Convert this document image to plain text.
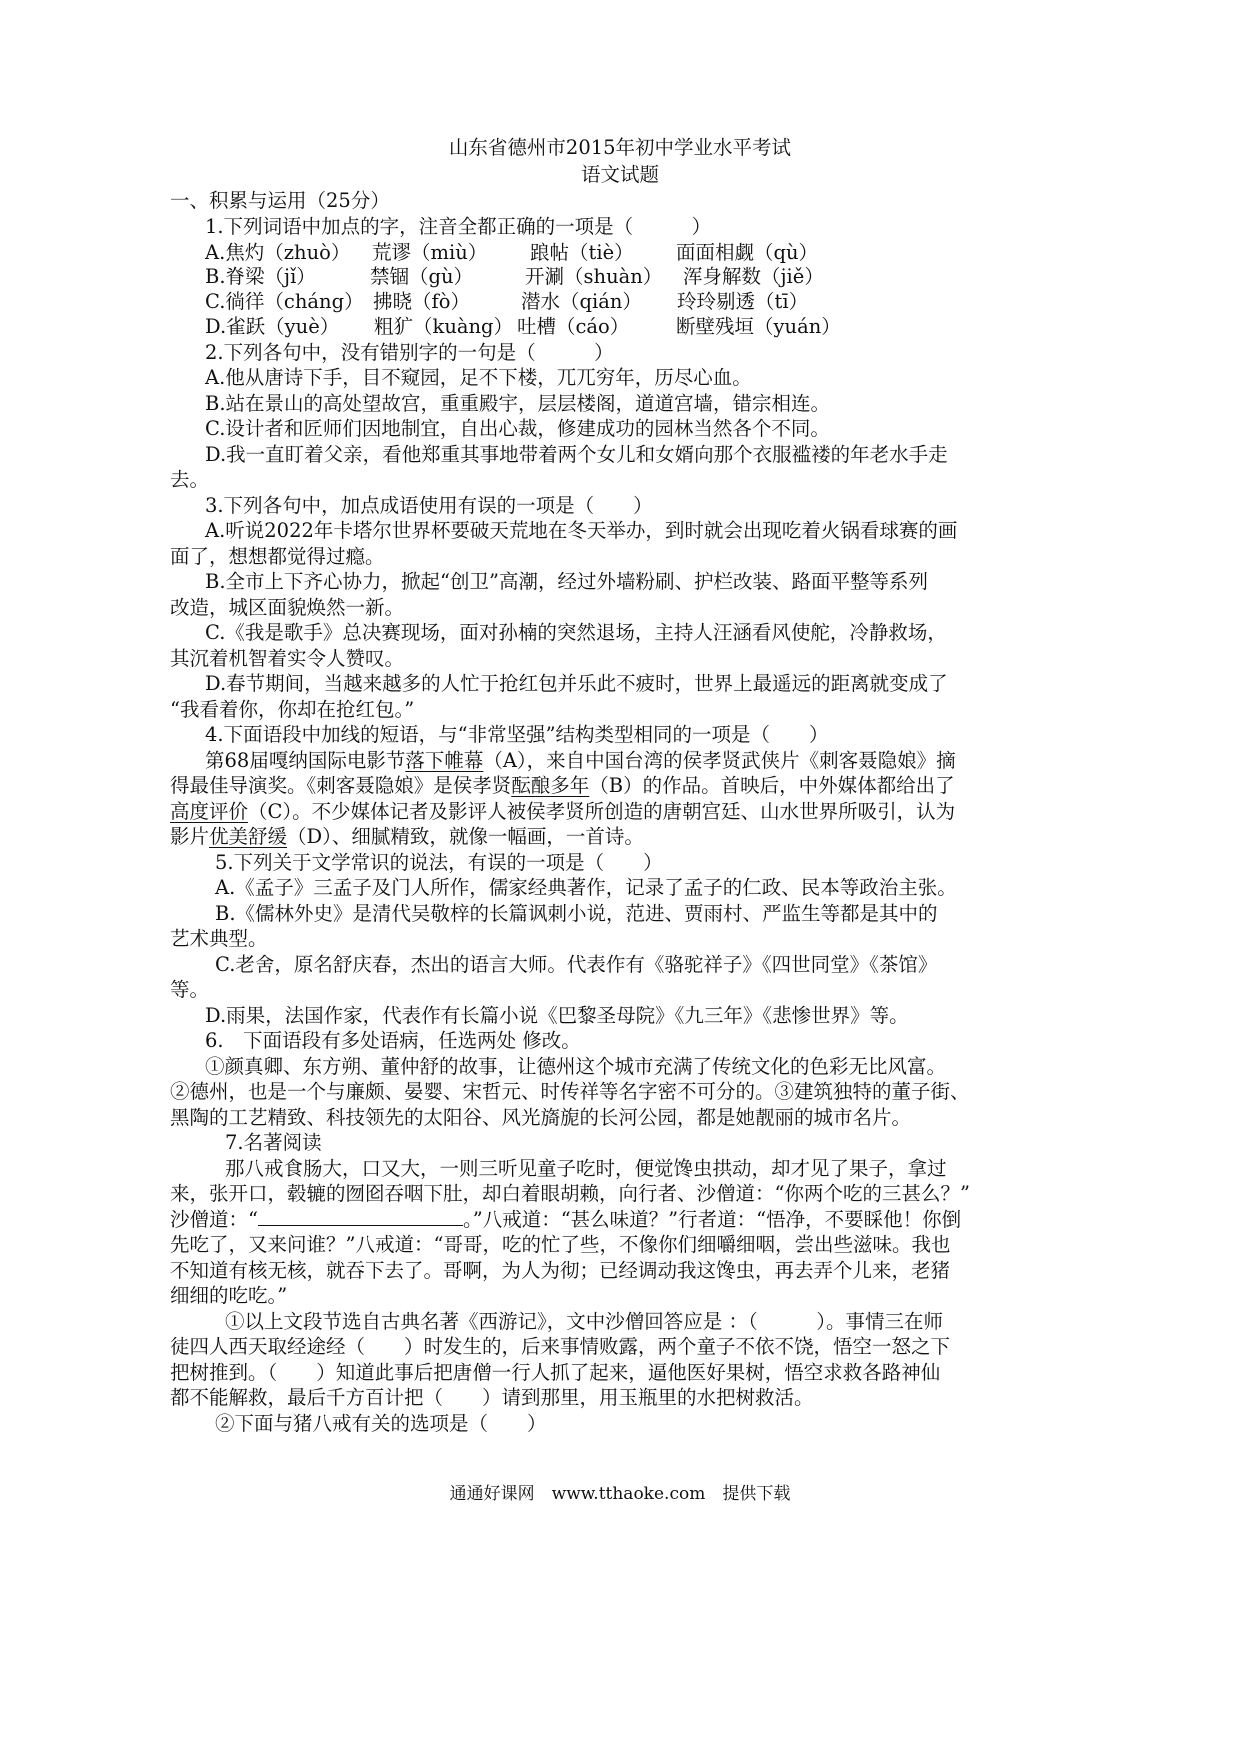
山东省德州市2015年初中学业水平考试
语文试题
一、积累与运用（25分）
1.下列词语中加点的字，注音全都正确的一项是（　　　）
A.焦灼（zhuò） 荒谬（miù） 踉帖（tiè） 面面相觑（qù）
B.脊梁（jǐ）	禁锢（gù）	开涮（shuàn） 浑身解数（jiě）
C.徜徉（cháng） 拂晓（fò）	潜水（qián） 玲玲剔透（tī）
D.雀跃（yuè） 粗犷（kuàng） 吐槽（cáo） 断壁残垣（yuán）
2.下列各句中，没有错别字的一句是（　　　）
A.他从唐诗下手，目不窥园，足不下楼，兀兀穷年，历尽心血。
B.站在景山的高处望故宫，重重殿宇，层层楼阁，道道宫墙，错宗相连。
C.设计者和匠师们因地制宜，自出心裁，修建成功的园林当然各个不同。
D.我一直盯着父亲，看他郑重其事地带着两个女儿和女婿向那个衣服褴褛的年老水手走
去。
3.下列各句中，加点成语使用有误的一项是（　　）
A.听说2022年卡塔尔世界杯要破天荒地在冬天举办，到时就会出现吃着火锅看球赛的画
面了，想想都觉得过瘾。
B.全市上下齐心协力，掀起“创卫”高潮，经过外墙粉刷、护栏改装、路面平整等系列
改造，城区面貌焕然一新。
C.《我是歌手》总决赛现场，面对孙楠的突然退场，主持人汪涵看风使舵，冷静救场，
其沉着机智着实令人赞叹。
D.春节期间，当越来越多的人忙于抢红包并乐此不疲时，世界上最遥远的距离就变成了
“我看着你，你却在抢红包。”
4.下面语段中加线的短语，与“非常坚强”结构类型相同的一项是（　　）
第68届嘎纳国际电影节落下帷幕（A），来自中国台湾的侯孝贤武侠片《刺客聂隐娘》摘
得最佳导演奖。《刺客聂隐娘》是侯孝贤酝酿多年（B）的作品。首映后，中外媒体都给出了
高度评价（C）。不少媒体记者及影评人被侯孝贤所创造的唐朝宫廷、山水世界所吸引，认为
影片优美舒缓（D）、细腻精致，就像一幅画，一首诗。
5.下列关于文学常识的说法，有误的一项是（　　）
A.《孟子》三孟子及门人所作，儒家经典著作，记录了孟子的仁政、民本等政治主张。
B.《儒林外史》是清代吴敬梓的长篇讽刺小说，范进、贾雨村、严监生等都是其中的
艺术典型。
C.老舍，原名舒庆春，杰出的语言大师。代表作有《骆驼祥子》《四世同堂》《茶馆》
等。
D.雨果，法国作家，代表作有长篇小说《巴黎圣母院》《九三年》《悲惨世界》等。
6.　下面语段有多处语病，任选两处 修改。
①颜真卿、东方朔、董仲舒的故事，让德州这个城市充满了传统文化的色彩无比风富。
②德州，也是一个与廉颇、晏婴、宋哲元、时传祥等名字密不可分的。③建筑独特的董子街、
黑陶的工艺精致、科技领先的太阳谷、风光旖旎的长河公园，都是她靓丽的城市名片。
7.名著阅读
那八戒食肠大，口又大，一则三听见童子吃时，便觉馋虫拱动，却才见了果子，拿过
来，张开口，毂辘的囫囵吞咽下肚，却白着眼胡赖，向行者、沙僧道：“你两个吃的三甚么？”
沙僧道：“	。”八戒道：“甚么味道？”行者道：“悟净，不要睬他！你倒
先吃了，又来问谁？”八戒道：“哥哥，吃的忙了些，不像你们细嚼细咽，尝出些滋味。我也
不知道有核无核，就吞下去了。哥啊，为人为彻；已经调动我这馋虫，再去弄个儿来，老猪
细细的吃吃。”
①以上文段节选自古典名著《西游记》，文中沙僧回答应是 ：（　　　）。事情三在师
徒四人西天取经途经（　　）时发生的，后来事情败露，两个童子不依不饶，悟空一怒之下
把树推到。（　　）知道此事后把唐僧一行人抓了起来，逼他医好果树，悟空求救各路神仙
都不能解救，最后千方百计把（　　）请到那里，用玉瓶里的水把树救活。
②下面与猪八戒有关的选项是（　　）
通通好课网　www.tthaoke.com　提供下载
